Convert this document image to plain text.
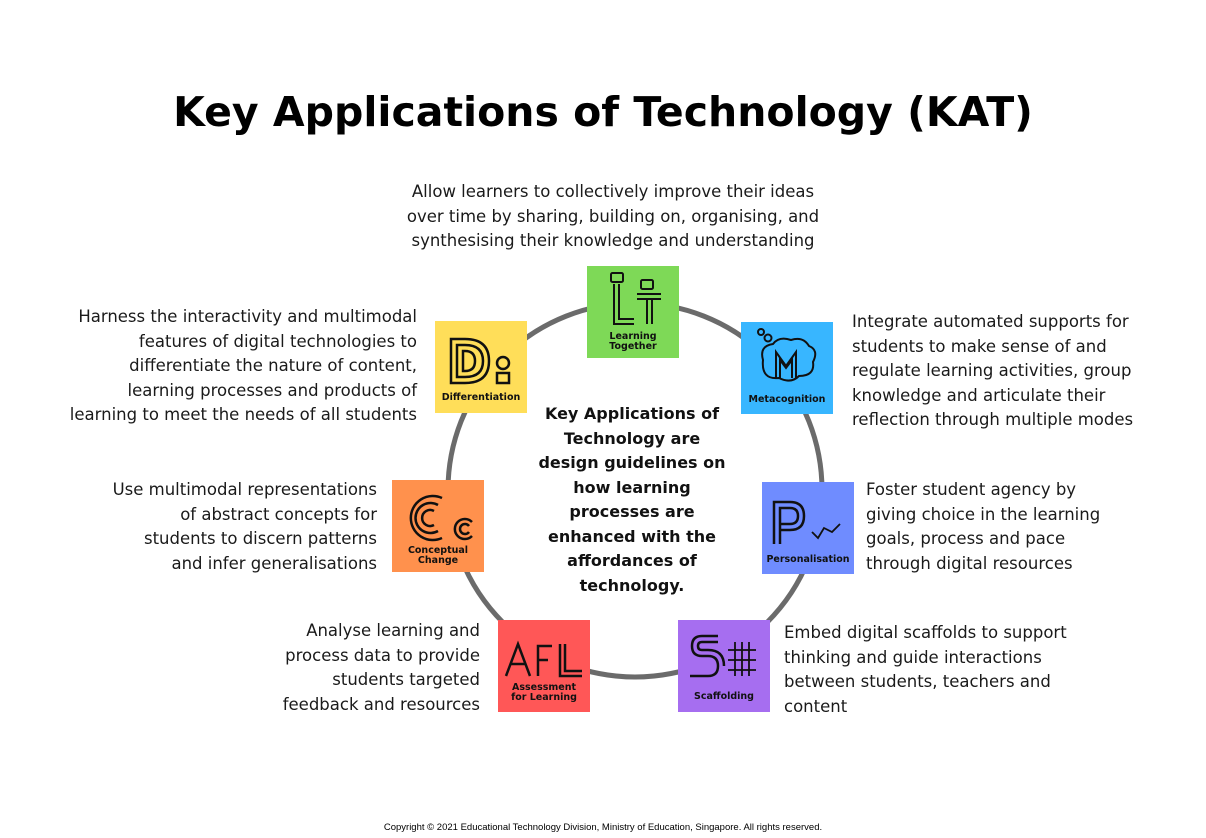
Key Applications of Technology (KAT)
Key Applications of Technology are design guidelines on how learning processes are enhanced with the affordances of technology.
Allow learners to collectively improve their ideas
over time by sharing, building on, organising, and
synthesising their knowledge and understanding
Learning
Together
Metacognition
Integrate automated supports for
students to make sense of and
regulate learning activities, group
knowledge and articulate their
reflection through multiple modes
Personalisation
Foster student agency by
giving choice in the learning
goals, process and pace
through digital resources
Scaffolding
Embed digital scaffolds to support
thinking and guide interactions
between students, teachers and
content
Assessment
for Learning
Analyse learning and
process data to provide
students targeted
feedback and resources
Conceptual
Change
Use multimodal representations
of abstract concepts for
students to discern patterns
and infer generalisations
Differentiation
Harness the interactivity and multimodal
features of digital technologies to
differentiate the nature of content,
learning processes and products of
learning to meet the needs of all students
Copyright © 2021 Educational Technology Division, Ministry of Education, Singapore. All rights reserved.
